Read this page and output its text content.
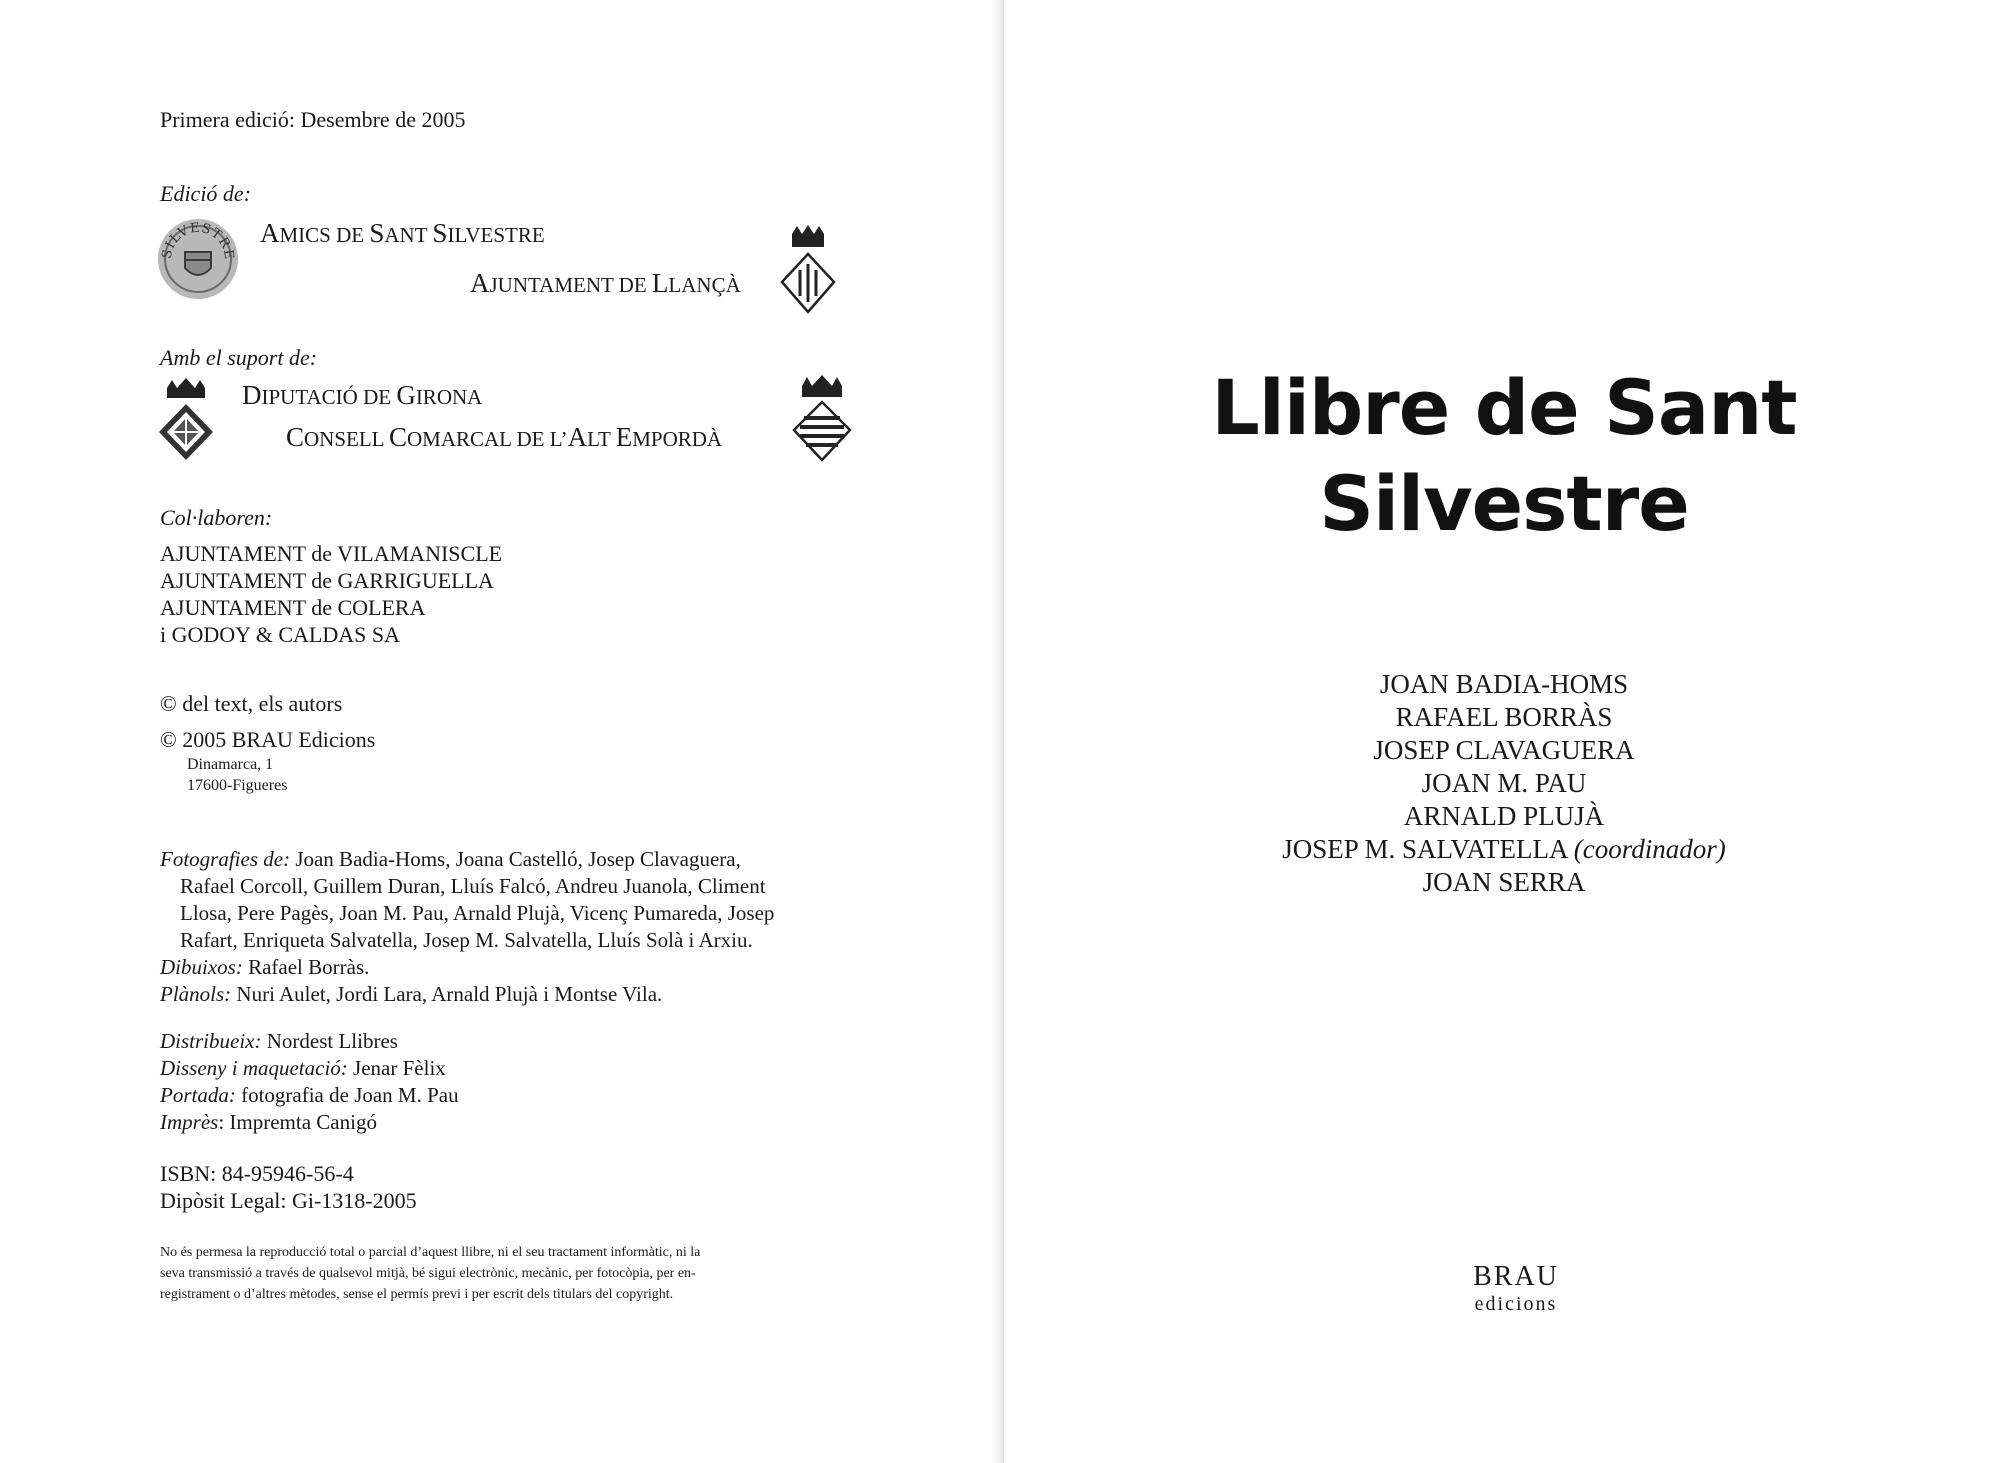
Primera edició: Desembre de 2005
Edició de:
SILVESTRE
AMICS DE SANT SILVESTRE
AJUNTAMENT DE LLANÇÀ
Amb el suport de:
DIPUTACIÓ DE GIRONA
CONSELL COMARCAL DE L’ALT EMPORDÀ
Col·laboren:
AJUNTAMENT de VILAMANISCLE
AJUNTAMENT de GARRIGUELLA
AJUNTAMENT de COLERA
i GODOY & CALDAS SA
© del text, els autors
© 2005 BRAU Edicions
Dinamarca, 1
17600-Figueres
Fotografies de: Joan Badia-Homs, Joana Castelló, Josep Clavaguera,
Rafael Corcoll, Guillem Duran, Lluís Falcó, Andreu Juanola, Climent
Llosa, Pere Pagès, Joan M. Pau, Arnald Plujà, Vicenç Pumareda, Josep
Rafart, Enriqueta Salvatella, Josep M. Salvatella, Lluís Solà i Arxiu.
Dibuixos: Rafael Borràs.
Plànols: Nuri Aulet, Jordi Lara, Arnald Plujà i Montse Vila.
Distribueix: Nordest Llibres
Disseny i maquetació: Jenar Fèlix
Portada: fotografia de Joan M. Pau
Imprès: Impremta Canigó
ISBN: 84-95946-56-4
Dipòsit Legal: Gi-1318-2005
No és permesa la reproducció total o parcial d’aquest llibre, ni el seu tractament informàtic, ni la
seva transmissió a través de qualsevol mitjà, bé sigui electrònic, mecànic, per fotocòpia, per en-
registrament o d’altres mètodes, sense el permís previ i per escrit dels titulars del copyright.
Llibre de Sant
Silvestre
JOAN BADIA-HOMS
RAFAEL BORRÀS
JOSEP CLAVAGUERA
JOAN M. PAU
ARNALD PLUJÀ
JOSEP M. SALVATELLA (coordinador)
JOAN SERRA
BRAU
edicions
